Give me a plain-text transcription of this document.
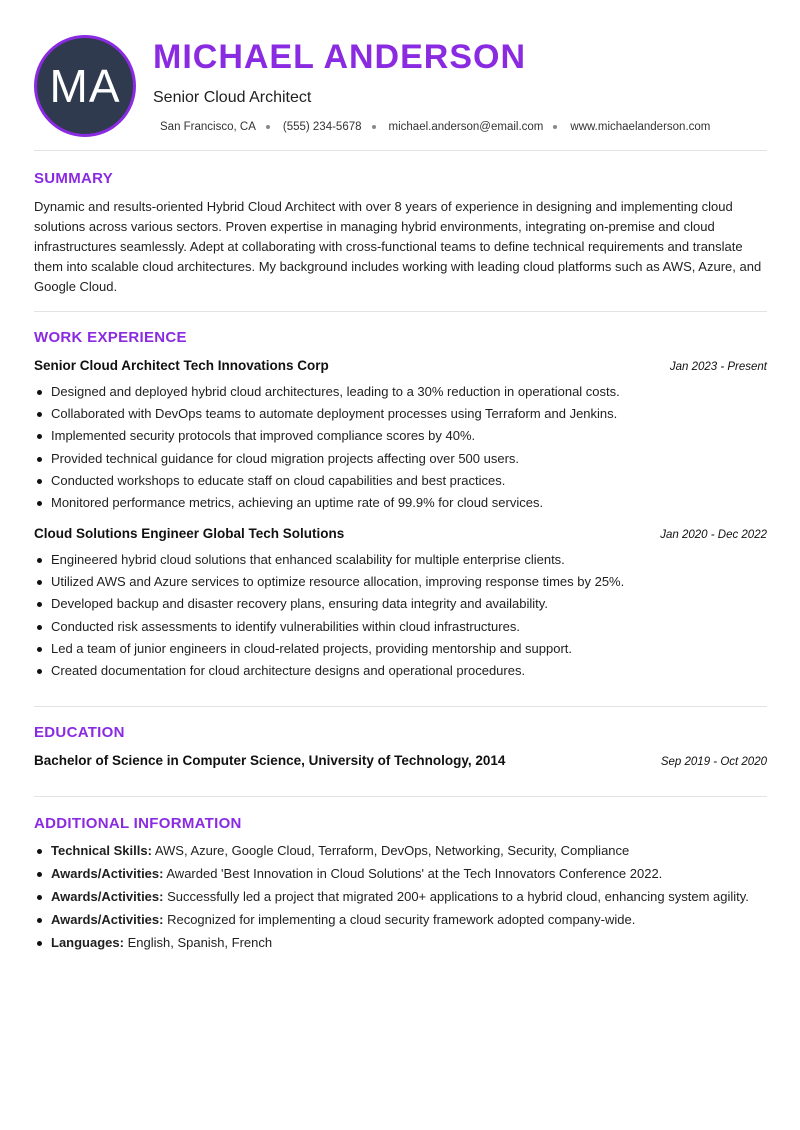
MA
MICHAEL ANDERSON
Senior Cloud Architect
San Francisco, CA (555) 234-5678 michael.anderson@email.com www.michaelanderson.com
SUMMARY
Dynamic and results-oriented Hybrid Cloud Architect with over 8 years of experience in designing and implementing cloud solutions across various sectors. Proven expertise in managing hybrid environments, integrating on-premise and cloud infrastructures seamlessly. Adept at collaborating with cross-functional teams to define technical requirements and translate them into scalable cloud architectures. My background includes working with leading cloud platforms such as AWS, Azure, and Google Cloud.
WORK EXPERIENCE
Senior Cloud Architect Tech Innovations Corp	Jan 2023 - Present
Designed and deployed hybrid cloud architectures, leading to a 30% reduction in operational costs.
Collaborated with DevOps teams to automate deployment processes using Terraform and Jenkins.
Implemented security protocols that improved compliance scores by 40%.
Provided technical guidance for cloud migration projects affecting over 500 users.
Conducted workshops to educate staff on cloud capabilities and best practices.
Monitored performance metrics, achieving an uptime rate of 99.9% for cloud services.
Cloud Solutions Engineer Global Tech Solutions	Jan 2020 - Dec 2022
Engineered hybrid cloud solutions that enhanced scalability for multiple enterprise clients.
Utilized AWS and Azure services to optimize resource allocation, improving response times by 25%.
Developed backup and disaster recovery plans, ensuring data integrity and availability.
Conducted risk assessments to identify vulnerabilities within cloud infrastructures.
Led a team of junior engineers in cloud-related projects, providing mentorship and support.
Created documentation for cloud architecture designs and operational procedures.
EDUCATION
Bachelor of Science in Computer Science, University of Technology, 2014	Sep 2019 - Oct 2020
ADDITIONAL INFORMATION
Technical Skills: AWS, Azure, Google Cloud, Terraform, DevOps, Networking, Security, Compliance
Awards/Activities: Awarded 'Best Innovation in Cloud Solutions' at the Tech Innovators Conference 2022.
Awards/Activities: Successfully led a project that migrated 200+ applications to a hybrid cloud, enhancing system agility.
Awards/Activities: Recognized for implementing a cloud security framework adopted company-wide.
Languages: English, Spanish, French
